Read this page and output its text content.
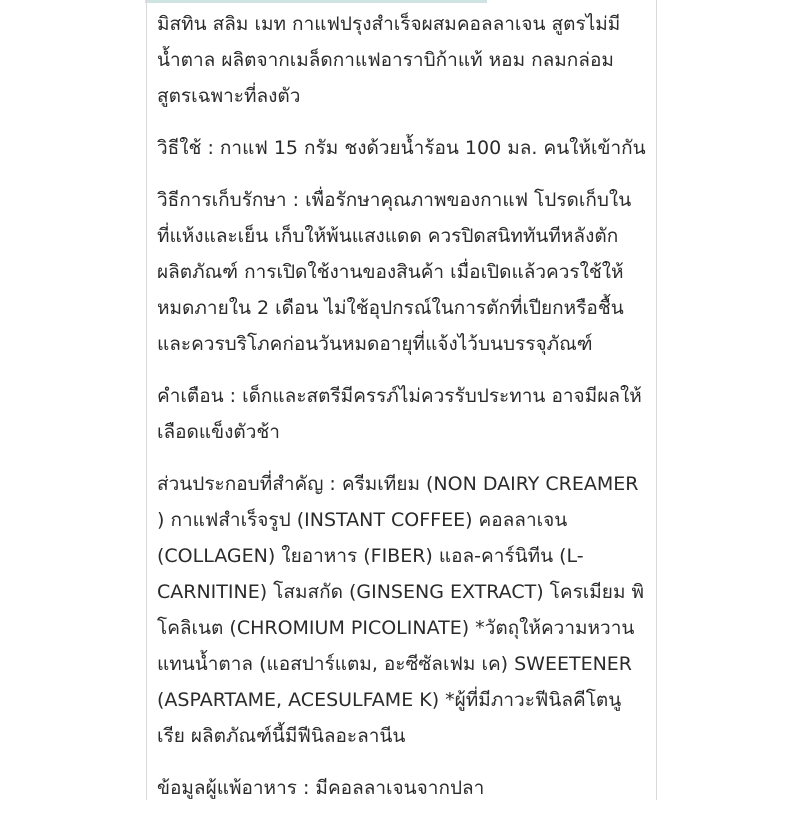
มิสทิน สลิม เมท กาแฟปรุงสำเร็จผสมคอลลาเจน สูตรไม่มี
น้ำตาล ผลิตจากเมล็ดกาแฟอาราบิก้าแท้ หอม กลมกล่อม
สูตรเฉพาะที่ลงตัว

วิธีใช้ : กาแฟ 15 กรัม ชงด้วยน้ำร้อน 100 มล. คนให้เข้ากัน

วิธีการเก็บรักษา : เพื่อรักษาคุณภาพของกาแฟ โปรดเก็บใน
ที่แห้งและเย็น เก็บให้พ้นแสงแดด ควรปิดสนิททันทีหลังตัก
ผลิตภัณฑ์ การเปิดใช้งานของสินค้า เมื่อเปิดแล้วควรใช้ให้
หมดภายใน 2 เดือน ไม่ใช้อุปกรณ์ในการตักที่เปียกหรือชื้น
และควรบริโภคก่อนวันหมดอายุที่แจ้งไว้บนบรรจุภัณฑ์

คำเตือน : เด็กและสตรีมีครรภ์ไม่ควรรับประทาน อาจมีผลให้
เลือดแข็งตัวช้า

ส่วนประกอบที่สำคัญ : ครีมเทียม (NON DAIRY CREAMER
) กาแฟสำเร็จรูป (INSTANT COFFEE) คอลลาเจน
(COLLAGEN) ใยอาหาร (FIBER) แอล-คาร์นิทีน (L-
CARNITINE) โสมสกัด (GINSENG EXTRACT) โครเมียม พิ
โคลิเนต (CHROMIUM PICOLINATE) *วัตถุให้ความหวาน
แทนน้ำตาล (แอสปาร์แตม, อะซีซัลเฟม เค) SWEETENER
(ASPARTAME, ACESULFAME K) *ผู้ที่มีภาวะฟีนิลคีโตนู
เรีย ผลิตภัณฑ์นี้มีฟีนิลอะลานีน

ข้อมูลผู้แพ้อาหาร : มีคอลลาเจนจากปลา
